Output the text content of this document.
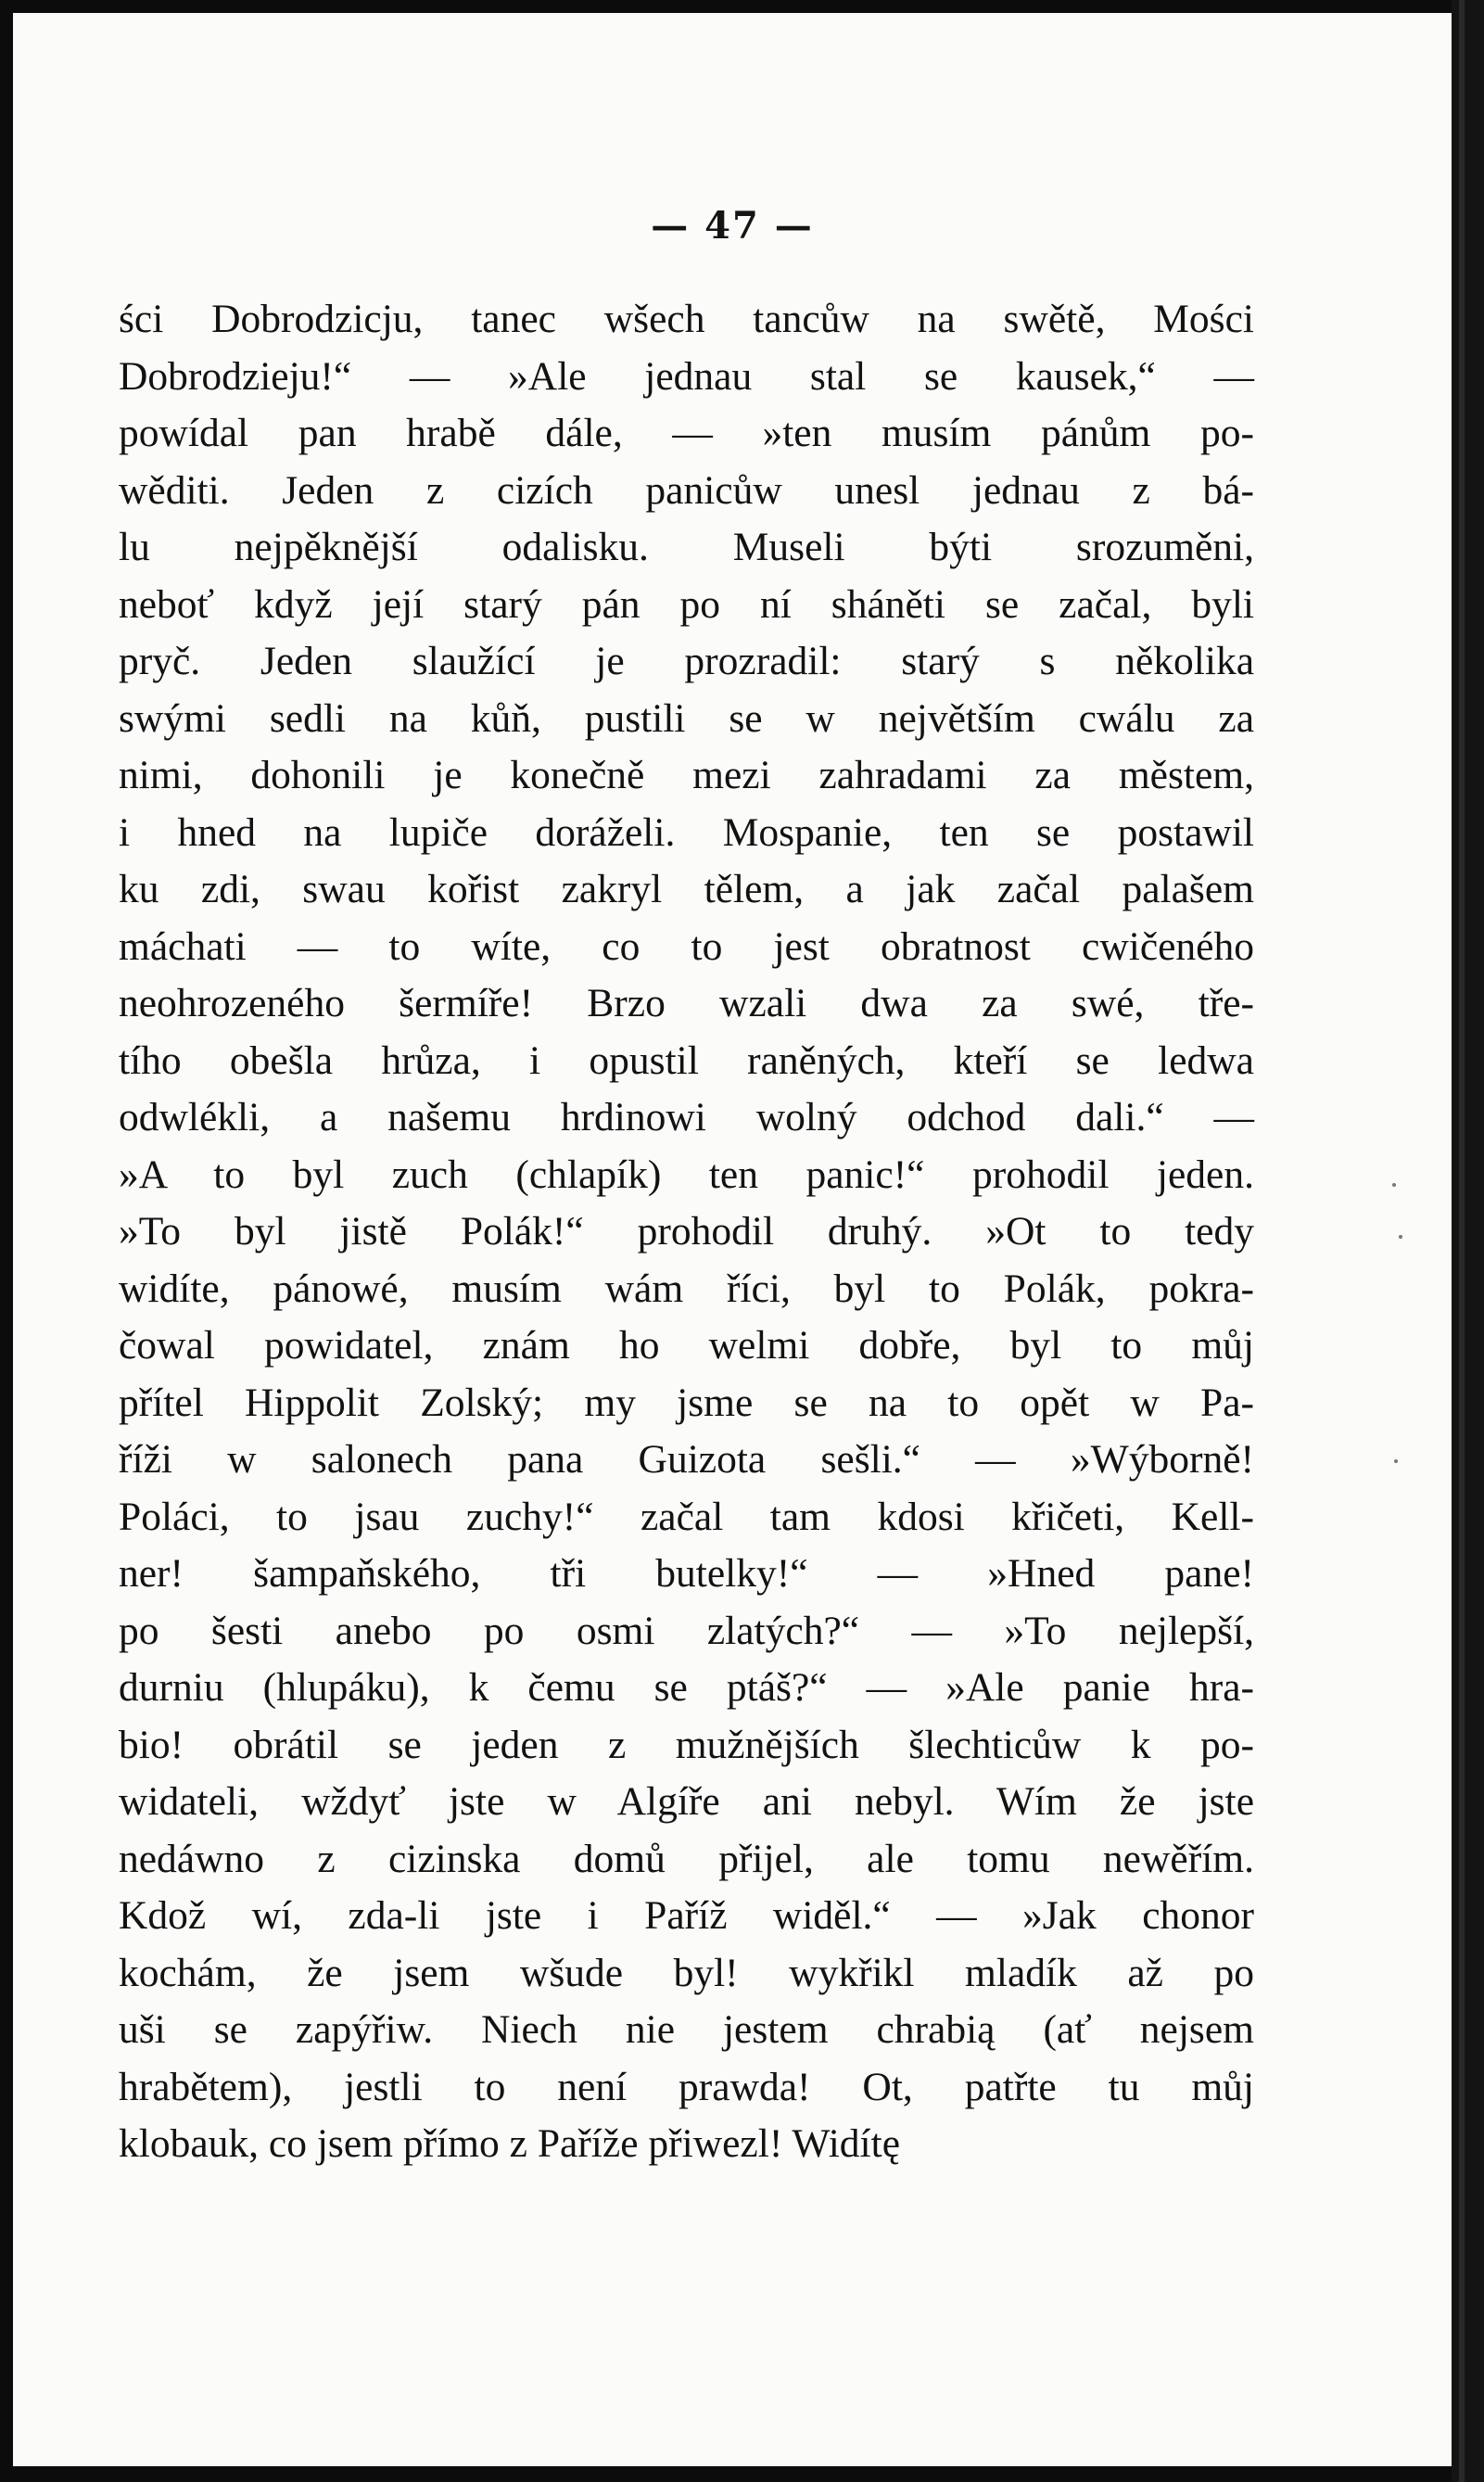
— 47 —
ści Dobrodzicju, tanec wšech tancůw na swětě, Mości
Dobrodzieju!“ — »Ale jednau stal se kausek,“ —
powídal pan hrabě dále, — »ten musím pánům po-
wěditi. Jeden z cizích panicůw unesl jednau z bá-
lu nejpěknější odalisku. Museli býti srozuměni,
neboť když její starý pán po ní sháněti se začal, byli
pryč. Jeden slaužící je prozradil: starý s několika
swými sedli na kůň, pustili se w největším cwálu za
nimi, dohonili je konečně mezi zahradami za městem,
i hned na lupiče doráželi. Mospanie, ten se postawil
ku zdi, swau kořist zakryl tělem, a jak začal palašem
máchati — to wíte, co to jest obratnost cwičeného
neohrozeného šermíře! Brzo wzali dwa za swé, tře-
tího obešla hrůza, i opustil raněných, kteří se ledwa
odwlékli, a našemu hrdinowi wolný odchod dali.“ —
»A to byl zuch (chlapík) ten panic!“ prohodil jeden.
»To byl jistě Polák!“ prohodil druhý. »Ot to tedy
widíte, pánowé, musím wám říci, byl to Polák, pokra-
čowal powidatel, znám ho welmi dobře, byl to můj
přítel Hippolit Zolský; my jsme se na to opět w Pa-
říži w salonech pana Guizota sešli.“ — »Wýborně!
Poláci, to jsau zuchy!“ začal tam kdosi křičeti, Kell-
ner! šampaňského, tři butelky!“ — »Hned pane!
po šesti anebo po osmi zlatých?“ — »To nejlepší,
durniu (hlupáku), k čemu se ptáš?“ — »Ale panie hra-
bio! obrátil se jeden z mužnějších šlechticůw k po-
widateli, wždyť jste w Algíře ani nebyl. Wím že jste
nedáwno z cizinska domů přijel, ale tomu newěřím.
Kdož wí, zda-li jste i Paříž widěl.“ — »Jak chonor
kochám, že jsem wšude byl! wykřikl mladík až po
uši se zapýřiw. Niech nie jestem chrabią (ať nejsem
hrabětem), jestli to není prawda! Ot, patřte tu můj
klobauk, co jsem přímo z Paříže přiwezl! Widítę
